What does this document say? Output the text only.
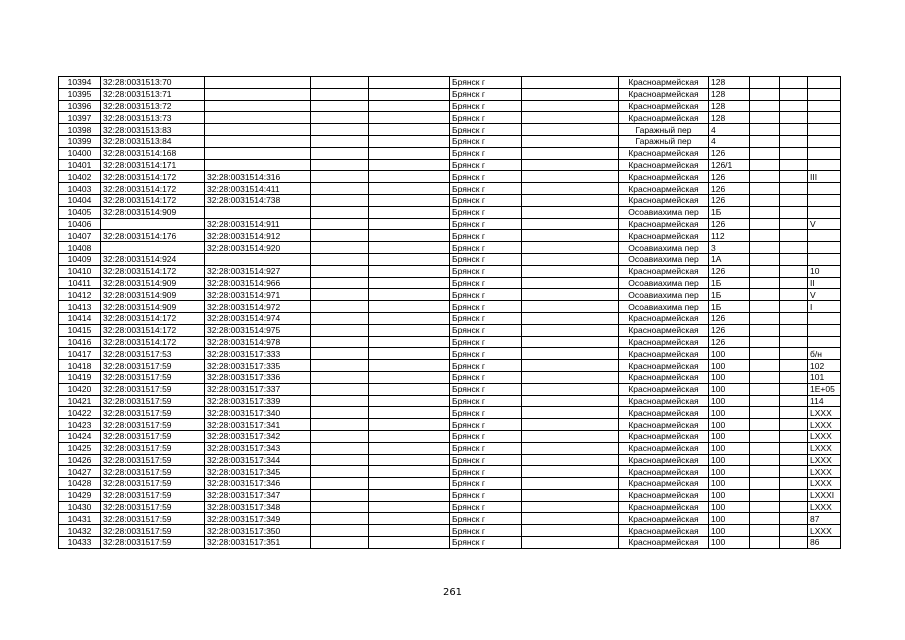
10394	32:28:0031513:70				Брянск г		Красноармейская	128			
10395	32:28:0031513:71				Брянск г		Красноармейская	128			
10396	32:28:0031513:72				Брянск г		Красноармейская	128			
10397	32:28:0031513:73				Брянск г		Красноармейская	128			
10398	32:28:0031513:83				Брянск г		Гаражный пер	4			
10399	32:28:0031513:84				Брянск г		Гаражный пер	4			
10400	32:28:0031514:168				Брянск г		Красноармейская	126			
10401	32:28:0031514:171				Брянск г		Красноармейская	126/1			
10402	32:28:0031514:172	32:28:0031514:316			Брянск г		Красноармейская	126			III
10403	32:28:0031514:172	32:28:0031514:411			Брянск г		Красноармейская	126			
10404	32:28:0031514:172	32:28:0031514:738			Брянск г		Красноармейская	126			
10405	32:28:0031514:909				Брянск г		Осоавиахима пер	1Б			
10406		32:28:0031514:911			Брянск г		Красноармейская	126			V
10407	32:28:0031514:176	32:28:0031514:912			Брянск г		Красноармейская	112			
10408		32:28:0031514:920			Брянск г		Осоавиахима пер	3			
10409	32:28:0031514:924				Брянск г		Осоавиахима пер	1А			
10410	32:28:0031514:172	32:28:0031514:927			Брянск г		Красноармейская	126			10
10411	32:28:0031514:909	32:28:0031514:966			Брянск г		Осоавиахима пер	1Б			II
10412	32:28:0031514:909	32:28:0031514:971			Брянск г		Осоавиахима пер	1Б			V
10413	32:28:0031514:909	32:28:0031514:972			Брянск г		Осоавиахима пер	1Б			I
10414	32:28:0031514:172	32:28:0031514:974			Брянск г		Красноармейская	126			
10415	32:28:0031514:172	32:28:0031514:975			Брянск г		Красноармейская	126			
10416	32:28:0031514:172	32:28:0031514:978			Брянск г		Красноармейская	126			
10417	32:28:0031517:53	32:28:0031517:333			Брянск г		Красноармейская	100			б/н
10418	32:28:0031517:59	32:28:0031517:335			Брянск г		Красноармейская	100			102
10419	32:28:0031517:59	32:28:0031517:336			Брянск г		Красноармейская	100			101
10420	32:28:0031517:59	32:28:0031517:337			Брянск г		Красноармейская	100			1E+05
10421	32:28:0031517:59	32:28:0031517:339			Брянск г		Красноармейская	100			114
10422	32:28:0031517:59	32:28:0031517:340			Брянск г		Красноармейская	100			LXXX
10423	32:28:0031517:59	32:28:0031517:341			Брянск г		Красноармейская	100			LXXX
10424	32:28:0031517:59	32:28:0031517:342			Брянск г		Красноармейская	100			LXXX
10425	32:28:0031517:59	32:28:0031517:343			Брянск г		Красноармейская	100			LXXX
10426	32:28:0031517:59	32:28:0031517:344			Брянск г		Красноармейская	100			LXXX
10427	32:28:0031517:59	32:28:0031517:345			Брянск г		Красноармейская	100			LXXX
10428	32:28:0031517:59	32:28:0031517:346			Брянск г		Красноармейская	100			LXXX
10429	32:28:0031517:59	32:28:0031517:347			Брянск г		Красноармейская	100			LXXXI
10430	32:28:0031517:59	32:28:0031517:348			Брянск г		Красноармейская	100			LXXX
10431	32:28:0031517:59	32:28:0031517:349			Брянск г		Красноармейская	100			87
10432	32:28:0031517:59	32:28:0031517:350			Брянск г		Красноармейская	100			LXXX
10433	32:28:0031517:59	32:28:0031517:351			Брянск г		Красноармейская	100			86
261
